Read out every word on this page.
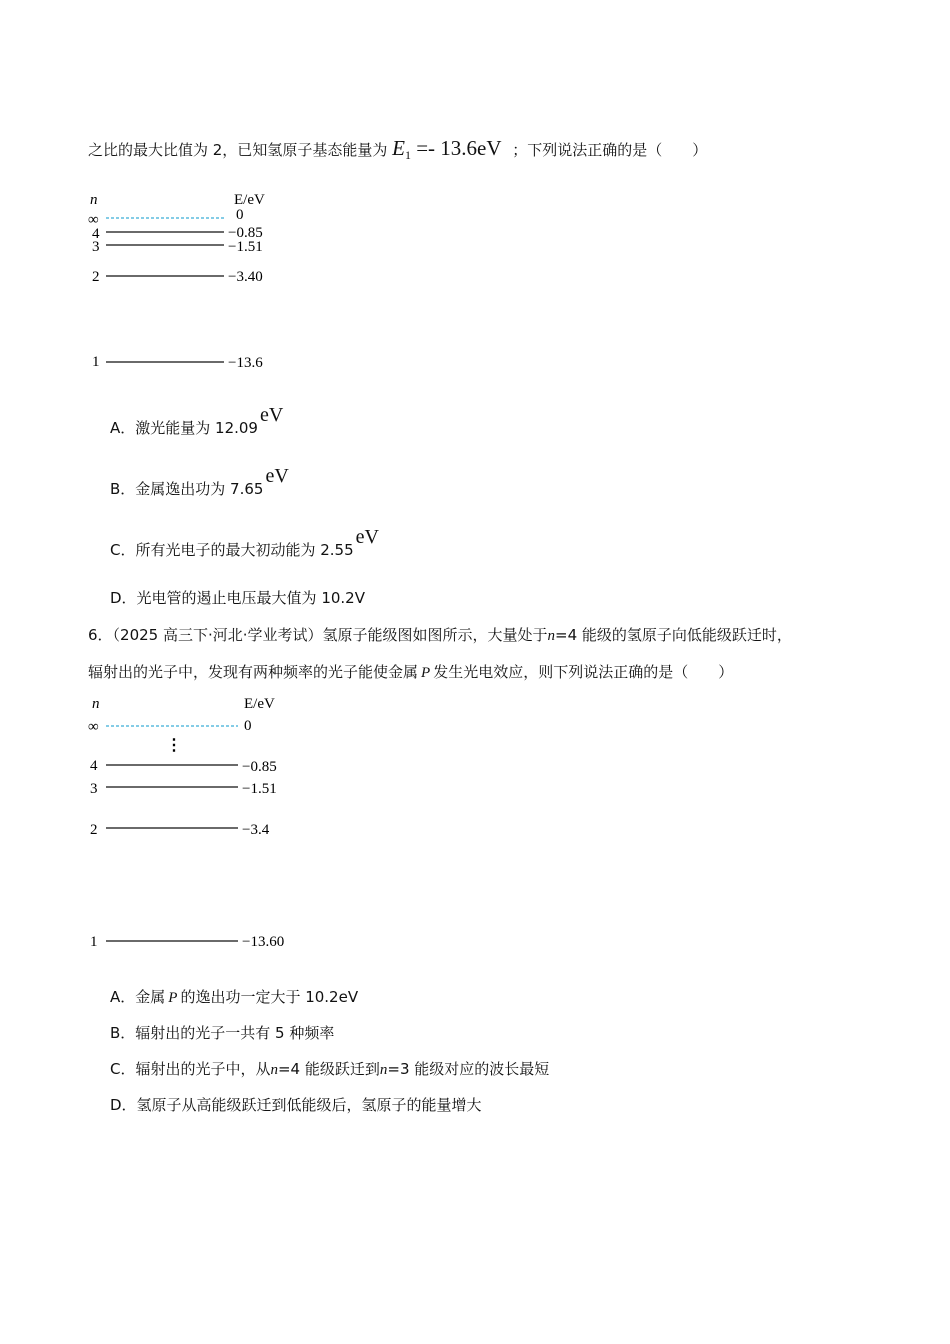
之比的最大比值为 2，已知氢原子基态能量为 $E_1 =- 13.6eV$ ；下列说法正确的是（　　）
n	E/eV
∞	0
4	−0.85
3	−1.51
2	−3.40
1	−13.6
A．激光能量为 12.09eV
B．金属逸出功为 7.65eV
C．所有光电子的最大初动能为 2.55eV
D．光电管的遏止电压最大值为 10.2V
6．（2025 高三下·河北·学业考试）氢原子能级图如图所示，大量处于n=4 能级的氢原子向低能级跃迁时，
辐射出的光子中，发现有两种频率的光子能使金属 P 发生光电效应，则下列说法正确的是（　　）
n	E/eV
∞	0
⋮
4	−0.85
3	−1.51
2	−3.4
1	−13.60
A．金属 P 的逸出功一定大于 10.2eV
B．辐射出的光子一共有 5 种频率
C．辐射出的光子中，从n=4 能级跃迁到n=3 能级对应的波长最短
D．氢原子从高能级跃迁到低能级后，氢原子的能量增大
